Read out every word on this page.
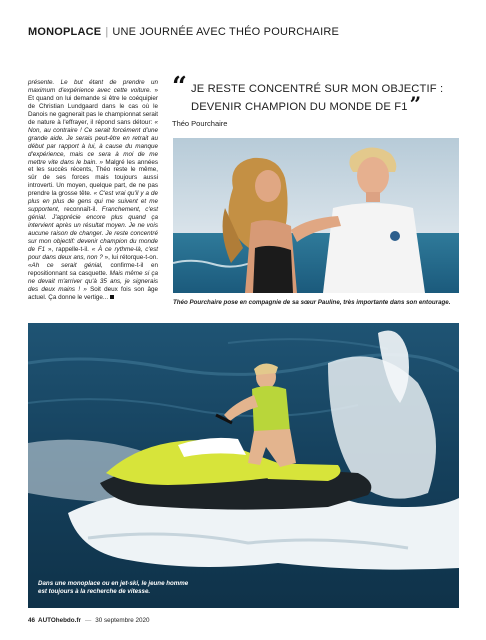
MONOPLACE | UNE JOURNÉE AVEC THÉO POURCHAIRE

présente. Le but étant de prendre un maximum d'expérience avec cette voiture. » Et quand on lui demande si être le coéquipier de Christian Lundgaard dans le cas où le Danois ne gagnerait pas le championnat serait de nature à l'effrayer, il répond sans détour: « Non, au contraire ! Ce serait forcément d'une grande aide. Je serais peut-être en retrait au début par rapport à lui, à cause du manque d'expérience, mais ce sera à moi de me mettre vite dans le bain. » Malgré les années et les succès récents, Théo reste le même, sûr de ses forces mais toujours aussi introverti. Un moyen, quelque part, de ne pas prendre la grosse tête. « C'est vrai qu'il y a de plus en plus de gens qui me suivent et me supportent, reconnaît-il. Franchement, c'est génial. J'apprécie encore plus quand ça intervient après un résultat moyen. Je ne vois aucune raison de changer. Je reste concentré sur mon objectif: devenir champion du monde de F1 », rappelle-t-il. « À ce rythme-là, c'est pour dans deux ans, non ? », lui rétorque-t-on. «Ah ce serait génial, confirme-t-il en repositionnant sa casquette. Mais même si ça ne devait m'arriver qu'à 35 ans, je signerais des deux mains ! » Soit deux fois son âge actuel. Ça donne le vertige...

“ JE RESTE CONCENTRÉ SUR MON OBJECTIF : DEVENIR CHAMPION DU MONDE DE F1 ”
Théo Pourchaire
Théo Pourchaire pose en compagnie de sa sœur Pauline, très importante dans son entourage.
Dans une monoplace ou en jet-ski, le jeune homme est toujours à la recherche de vitesse.
46 AUTOhebdo.fr — 30 septembre 2020
